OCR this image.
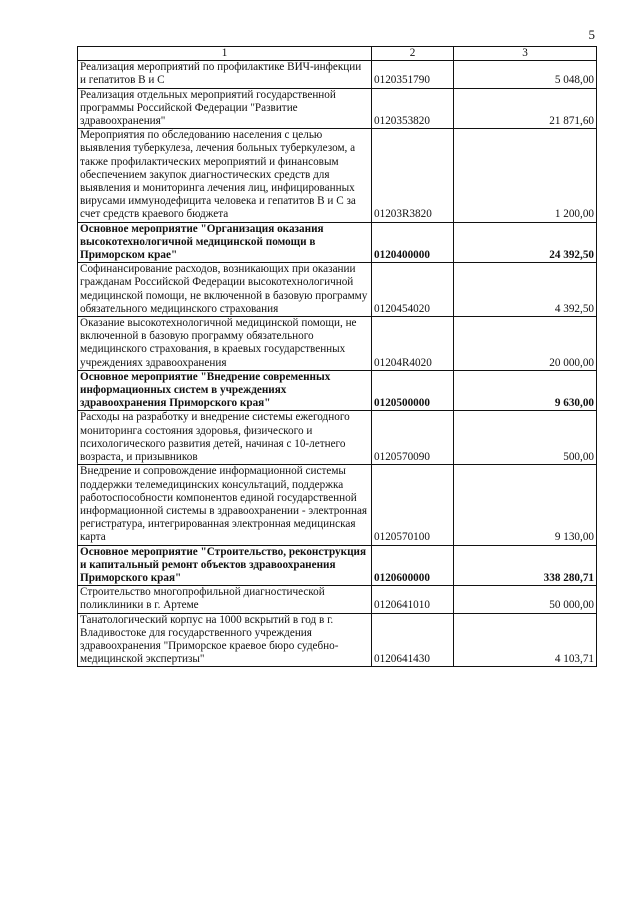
5
1	2	3
Реализация мероприятий по профилактике ВИЧ-инфекции и гепатитов В и С	0120351790	5 048,00
Реализация отдельных мероприятий государственной программы Российской Федерации "Развитие здравоохранения"	0120353820	21 871,60
Мероприятия по обследованию населения с целью выявления туберкулеза, лечения больных туберкулезом, а также профилактических мероприятий и финансовым обеспечением закупок диагностических средств для выявления и мониторинга лечения лиц, инфицированных вирусами иммунодефицита человека и гепатитов В и С за счет средств краевого бюджета	01203R3820	1 200,00
Основное мероприятие "Организация оказания высокотехнологичной медицинской помощи в Приморском крае"	0120400000	24 392,50
Софинансирование расходов, возникающих при оказании гражданам Российской Федерации высокотехнологичной медицинской помощи, не включенной в базовую программу обязательного медицинского страхования	0120454020	4 392,50
Оказание высокотехнологичной медицинской помощи, не включенной в базовую программу обязательного медицинского страхования, в краевых государственных учреждениях здравоохранения	01204R4020	20 000,00
Основное мероприятие "Внедрение современных информационных систем в учреждениях здравоохранения Приморского края"	0120500000	9 630,00
Расходы на разработку и внедрение системы ежегодного мониторинга состояния здоровья, физического и психологического развития детей, начиная с 10-летнего возраста, и призывников	0120570090	500,00
Внедрение и сопровождение информационной системы поддержки телемедицинских консультаций, поддержка работоспособности компонентов единой государственной информационной системы в здравоохранении - электронная регистратура, интегрированная электронная медицинская карта	0120570100	9 130,00
Основное мероприятие "Строительство, реконструкция и капитальный ремонт объектов здравоохранения Приморского края"	0120600000	338 280,71
Строительство многопрофильной диагностической поликлиники в г. Артеме	0120641010	50 000,00
Танатологический корпус на 1000 вскрытий в год в г. Владивостоке для государственного учреждения здравоохранения "Приморское краевое бюро судебно-медицинской экспертизы"	0120641430	4 103,71
